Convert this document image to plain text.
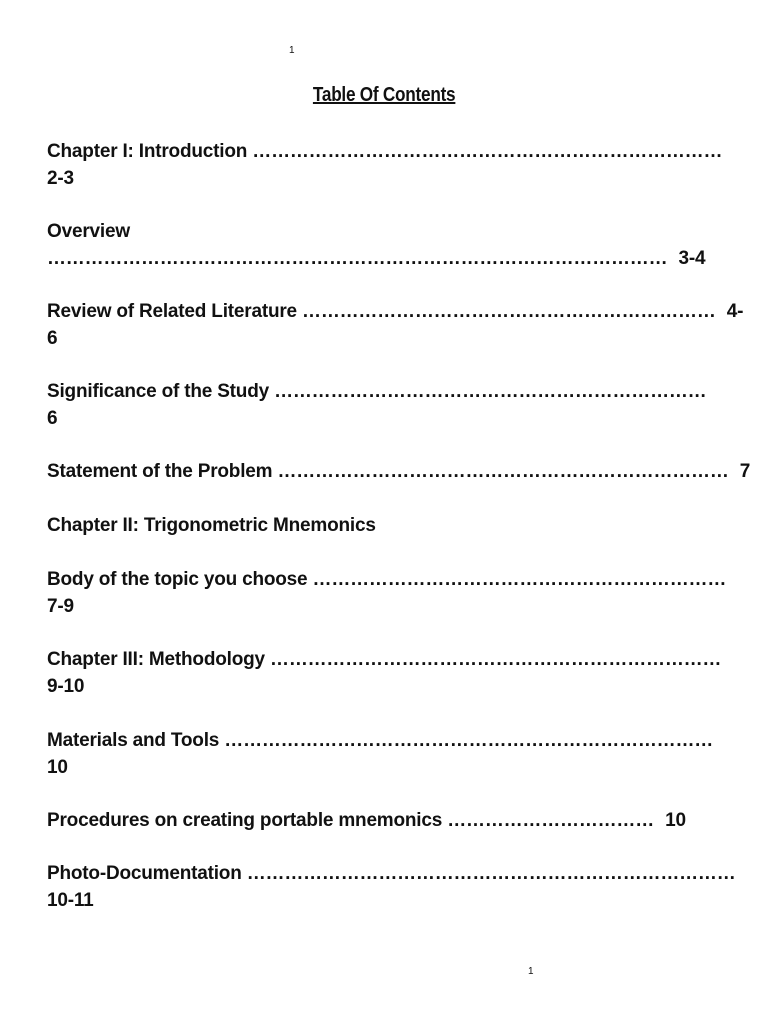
1
Table Of Contents
Chapter I: Introduction …………………………………………………………………
2-3
Overview
……………………………………………………………………………………… 3-4
Review of Related Literature ………………………………………………………… 4-
6
Significance of the Study ……………………………………………………………
6
Statement of the Problem ……………………………………………………………… 7
Chapter II: Trigonometric Mnemonics
Body of the topic you choose …………………………………………………………
7-9
Chapter III: Methodology ………………………………………………………………
9-10
Materials and Tools ……………………………………………………………………
10
Procedures on creating portable mnemonics …………………………… 10
Photo-Documentation ……………………………………………………………………
10-11
1
